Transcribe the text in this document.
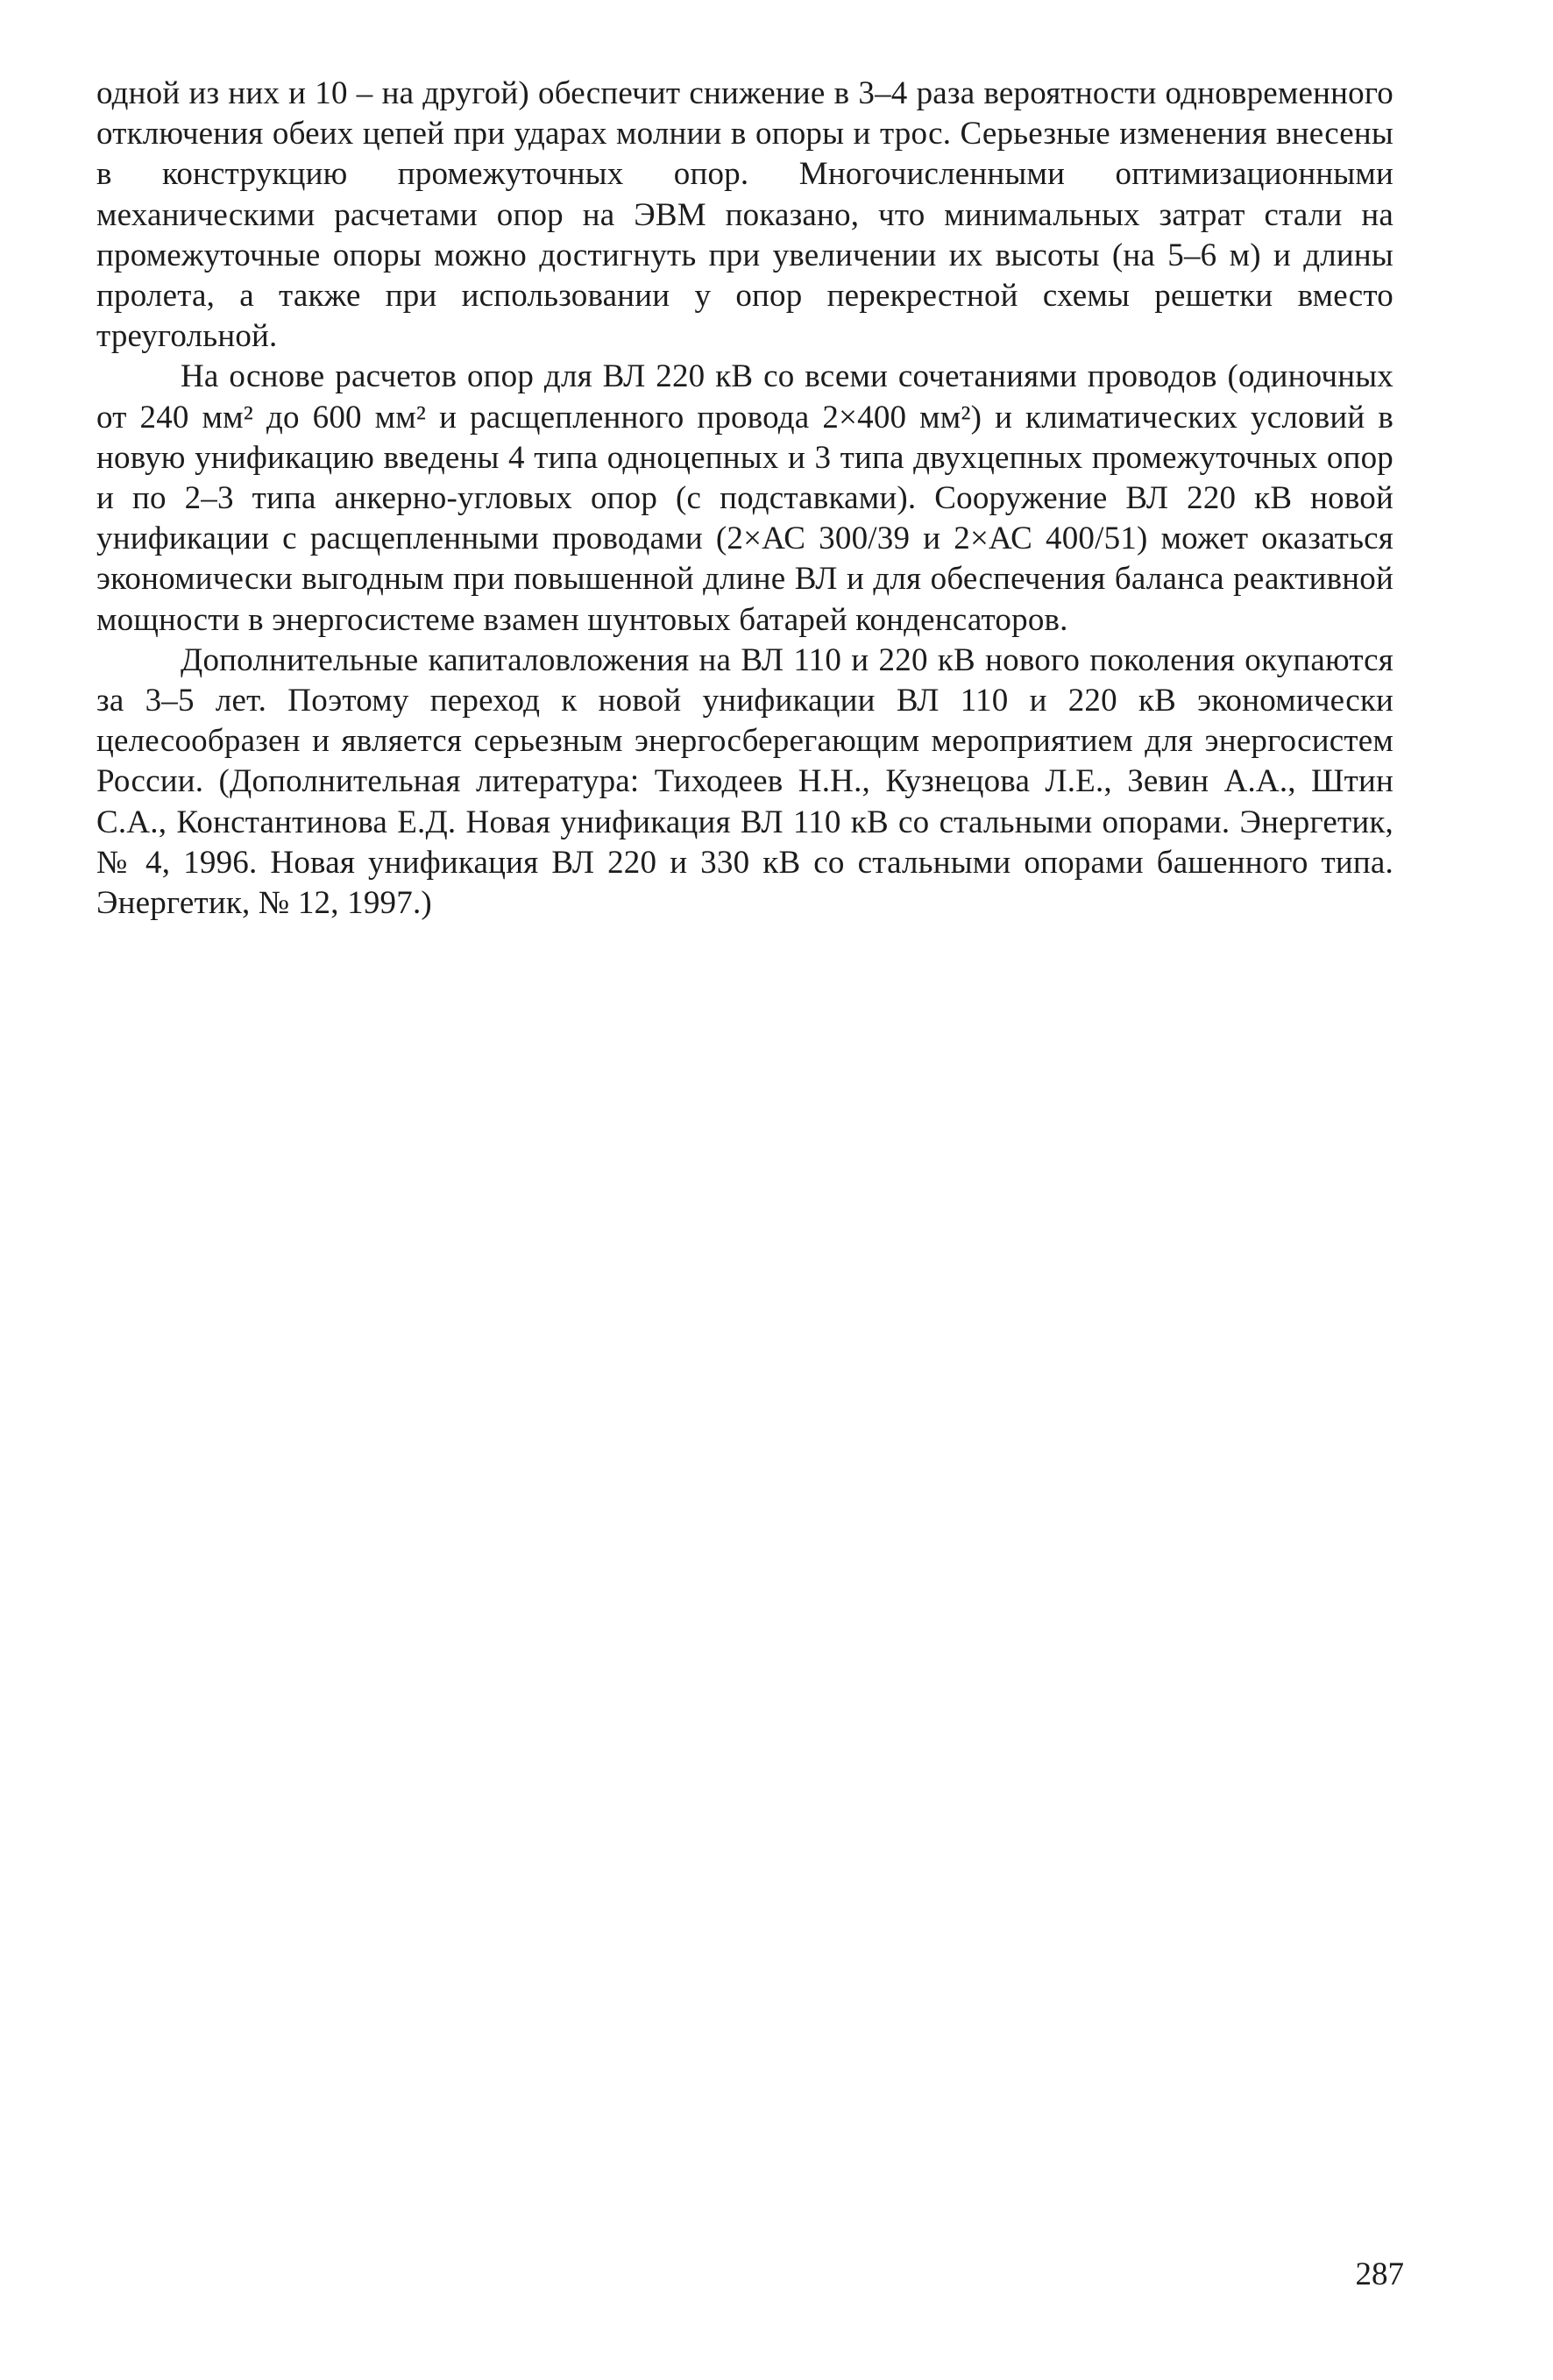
одной из них и 10 – на другой) обеспечит снижение в 3–4 раза вероятности одновременного отключения обеих цепей при ударах молнии в опоры и трос. Серьезные изменения внесены в конструкцию промежуточных опор. Многочисленными оптимизационными механическими расчетами опор на ЭВМ показано, что минимальных затрат стали на промежуточные опоры можно достигнуть при увеличении их высоты (на 5–6 м) и длины пролета, а также при использовании у опор перекрестной схемы решетки вместо треугольной.

На основе расчетов опор для ВЛ 220 кВ со всеми сочетаниями проводов (одиночных от 240 мм² до 600 мм² и расщепленного провода 2×400 мм²) и климатических условий в новую унификацию введены 4 типа одноцепных и 3 типа двухцепных промежуточных опор и по 2–3 типа анкерно-угловых опор (с подставками). Сооружение ВЛ 220 кВ новой унификации с расщепленными проводами (2×АС 300/39 и 2×АС 400/51) может оказаться экономически выгодным при повышенной длине ВЛ и для обеспечения баланса реактивной мощности в энергосистеме взамен шунтовых батарей конденсаторов.

Дополнительные капиталовложения на ВЛ 110 и 220 кВ нового поколения окупаются за 3–5 лет. Поэтому переход к новой унификации ВЛ 110 и 220 кВ экономически целесообразен и является серьезным энергосберегающим мероприятием для энергосистем России. (Дополнительная литература: Тиходеев Н.Н., Кузнецова Л.Е., Зевин А.А., Штин С.А., Константинова Е.Д. Новая унификация ВЛ 110 кВ со стальными опорами. Энергетик, № 4, 1996. Новая унификация ВЛ 220 и 330 кВ со стальными опорами башенного типа. Энергетик, № 12, 1997.)

287
